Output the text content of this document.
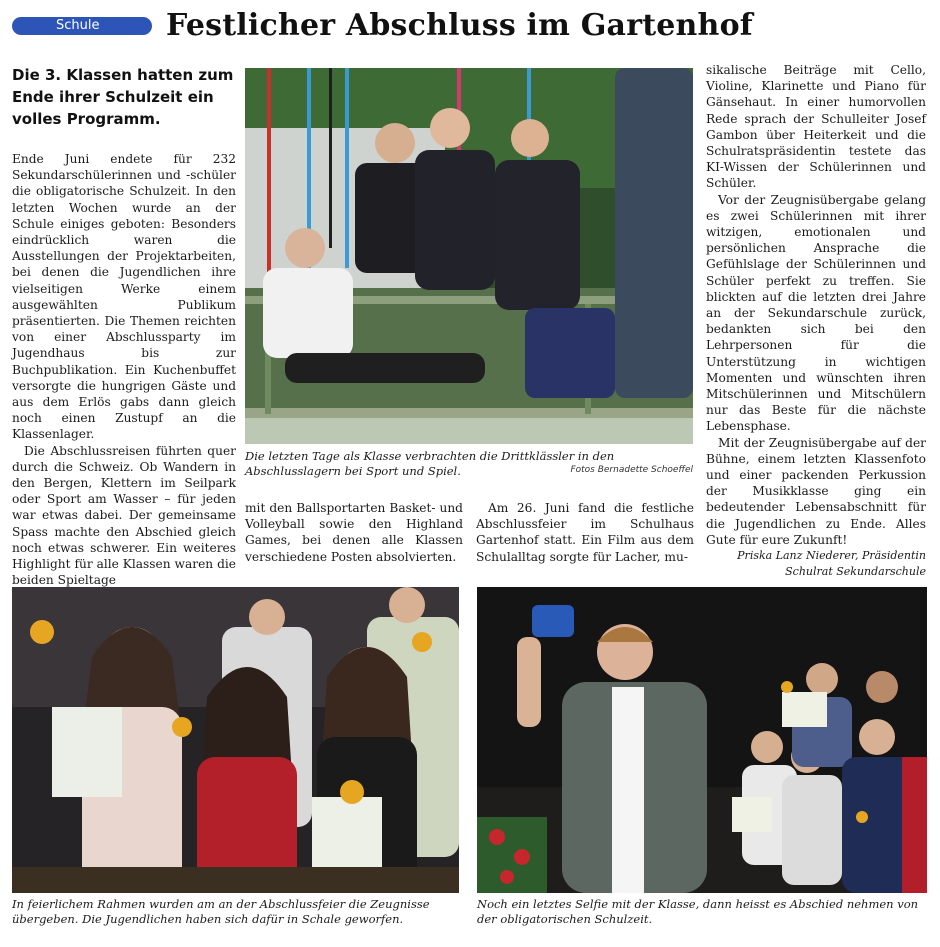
Schule	Festlicher Abschluss im Gartenhof
Die 3. Klassen hatten zum Ende ihrer Schulzeit ein volles Programm.

Ende Juni endete für 232 Sekundarschülerinnen und -schüler die obligatorische Schulzeit. In den letzten Wochen wurde an der Schule einiges geboten: Besonders eindrücklich waren die Ausstellungen der Projektarbeiten, bei denen die Jugendlichen ihre vielseitigen Werke einem ausgewählten Publikum präsentierten. Die Themen reichten von einer Abschlussparty im Jugendhaus bis zur Buchpublikation. Ein Kuchenbuffet versorgte die hungrigen Gäste und aus dem Erlös gabs dann gleich noch einen Zustupf an die Klassenlager.

Die Abschlussreisen führten quer durch die Schweiz. Ob Wandern in den Bergen, Klettern im Seilpark oder Sport am Wasser – für jeden war etwas dabei. Der gemeinsame Spass machte den Abschied gleich noch etwas schwerer. Ein weiteres Highlight für alle Klassen waren die beiden Spieltage

Die letzten Tage als Klasse verbrachten die Drittklässler in den Abschlusslagern bei Sport und Spiel.	Fotos Bernadette Schoeffel

mit den Ballsportarten Basket- und Volleyball sowie den Highland Games, bei denen alle Klassen verschiedene Posten absolvierten.

Am 26. Juni fand die festliche Abschlussfeier im Schulhaus Gartenhof statt. Ein Film aus dem Schulalltag sorgte für Lacher, mu-

sikalische Beiträge mit Cello, Violine, Klarinette und Piano für Gänsehaut. In einer humorvollen Rede sprach der Schulleiter Josef Gambon über Heiterkeit und die Schulratspräsidentin testete das KI-Wissen der Schülerinnen und Schüler.

Vor der Zeugnisübergabe gelang es zwei Schülerinnen mit ihrer witzigen, emotionalen und persönlichen Ansprache die Gefühlslage der Schülerinnen und Schüler perfekt zu treffen. Sie blickten auf die letzten drei Jahre an der Sekundarschule zurück, bedankten sich bei den Lehrpersonen für die Unterstützung in wichtigen Momenten und wünschten ihren Mitschülerinnen und Mitschülern nur das Beste für die nächste Lebensphase.

Mit der Zeugnisübergabe auf der Bühne, einem letzten Klassenfoto und einer packenden Perkussion der Musikklasse ging ein bedeutender Lebensabschnitt für die Jugendlichen zu Ende. Alles Gute für eure Zukunft!

Priska Lanz Niederer, Präsidentin
Schulrat Sekundarschule
In feierlichem Rahmen wurden am an der Abschlussfeier die Zeugnisse übergeben. Die Jugendlichen haben sich dafür in Schale geworfen.
Noch ein letztes Selfie mit der Klasse, dann heisst es Abschied nehmen von der obligatorischen Schulzeit.
